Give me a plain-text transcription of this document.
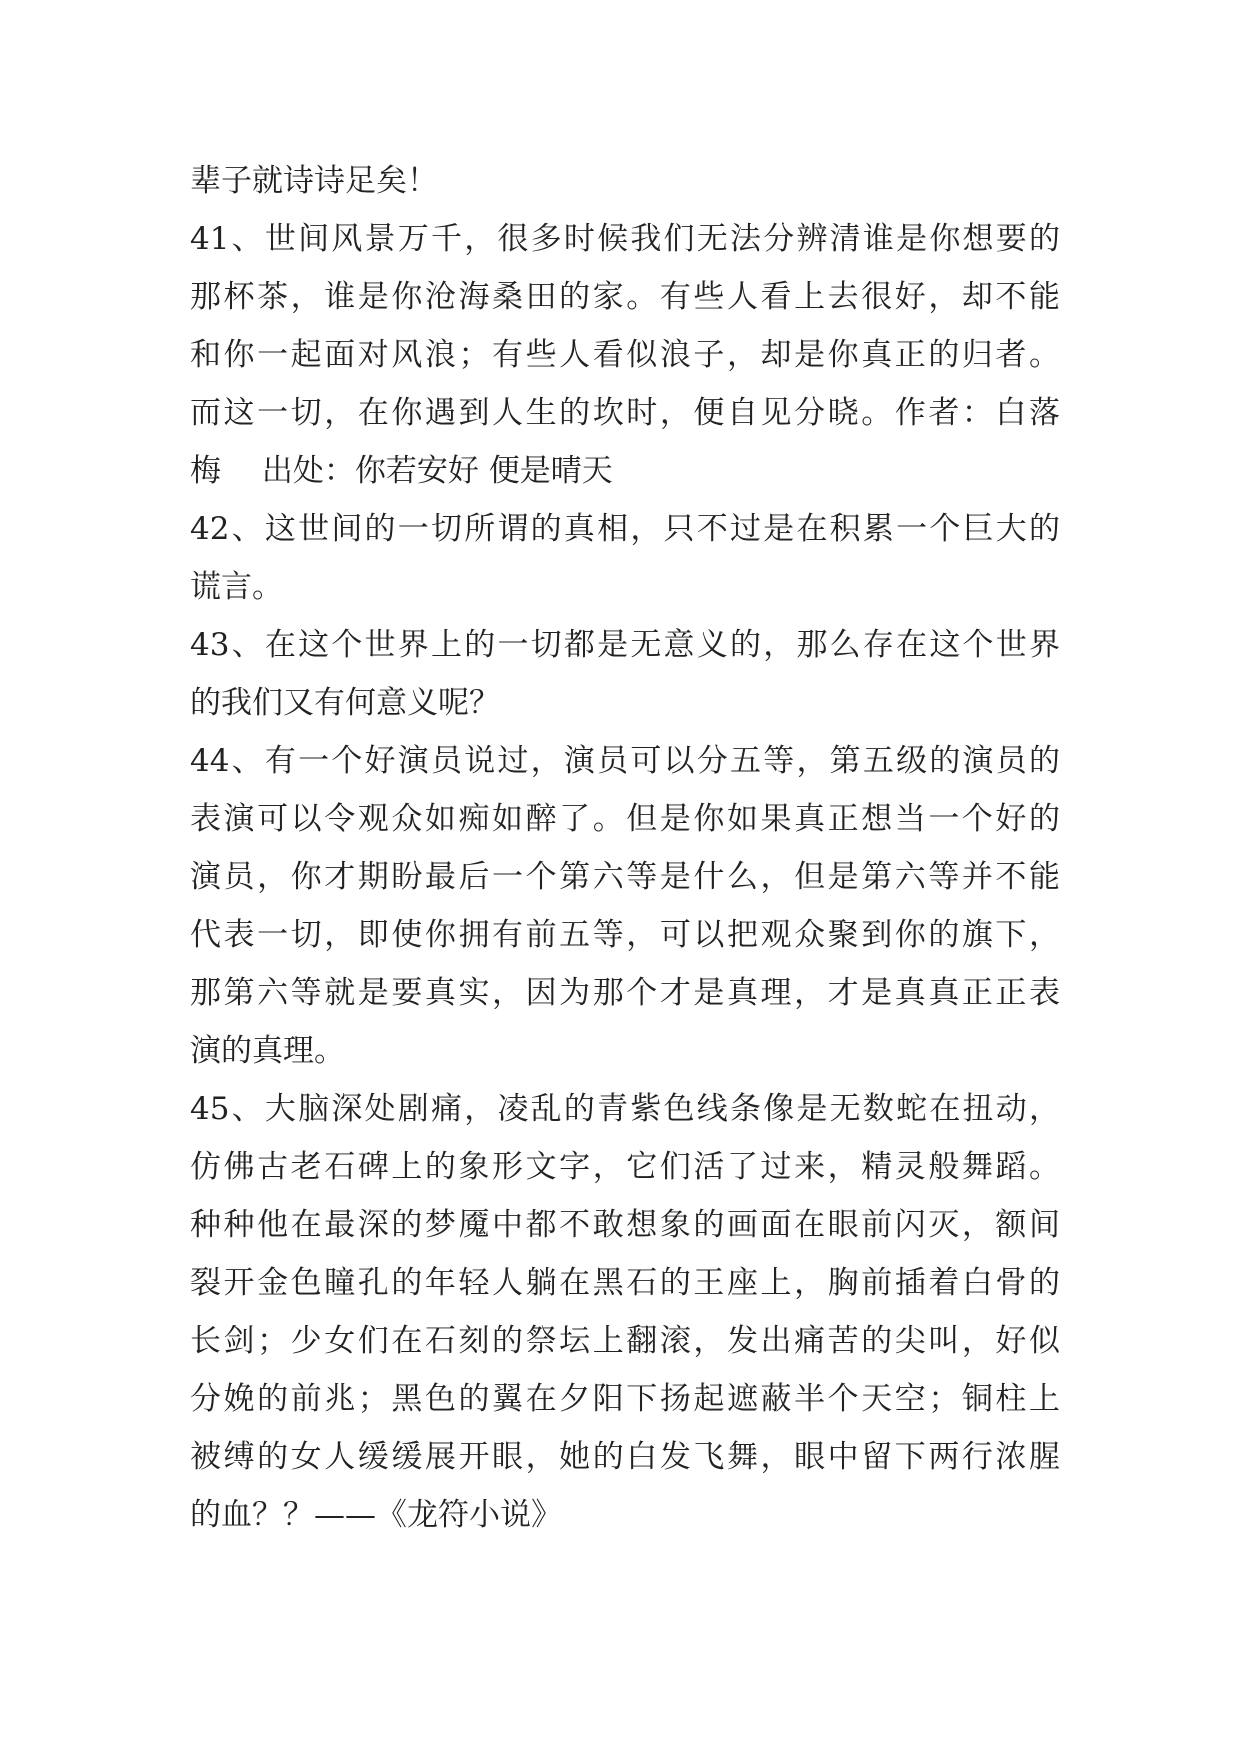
辈子就诗诗足矣！
41、世间风景万千，很多时候我们无法分辨清谁是你想要的
那杯茶，谁是你沧海桑田的家。有些人看上去很好，却不能
和你一起面对风浪；有些人看似浪子，却是你真正的归者。
而这一切，在你遇到人生的坎时，便自见分晓。作者：白落
梅　 出处：你若安好 便是晴天
42、这世间的一切所谓的真相，只不过是在积累一个巨大的
谎言。
43、在这个世界上的一切都是无意义的，那么存在这个世界
的我们又有何意义呢？
44、有一个好演员说过，演员可以分五等，第五级的演员的
表演可以令观众如痴如醉了。但是你如果真正想当一个好的
演员，你才期盼最后一个第六等是什么，但是第六等并不能
代表一切，即使你拥有前五等，可以把观众聚到你的旗下，
那第六等就是要真实，因为那个才是真理，才是真真正正表
演的真理。
45、大脑深处剧痛，凌乱的青紫色线条像是无数蛇在扭动，
仿佛古老石碑上的象形文字，它们活了过来，精灵般舞蹈。
种种他在最深的梦魇中都不敢想象的画面在眼前闪灭，额间
裂开金色瞳孔的年轻人躺在黑石的王座上，胸前插着白骨的
长剑；少女们在石刻的祭坛上翻滚，发出痛苦的尖叫，好似
分娩的前兆；黑色的翼在夕阳下扬起遮蔽半个天空；铜柱上
被缚的女人缓缓展开眼，她的白发飞舞，眼中留下两行浓腥
的血？？——《龙符小说》
